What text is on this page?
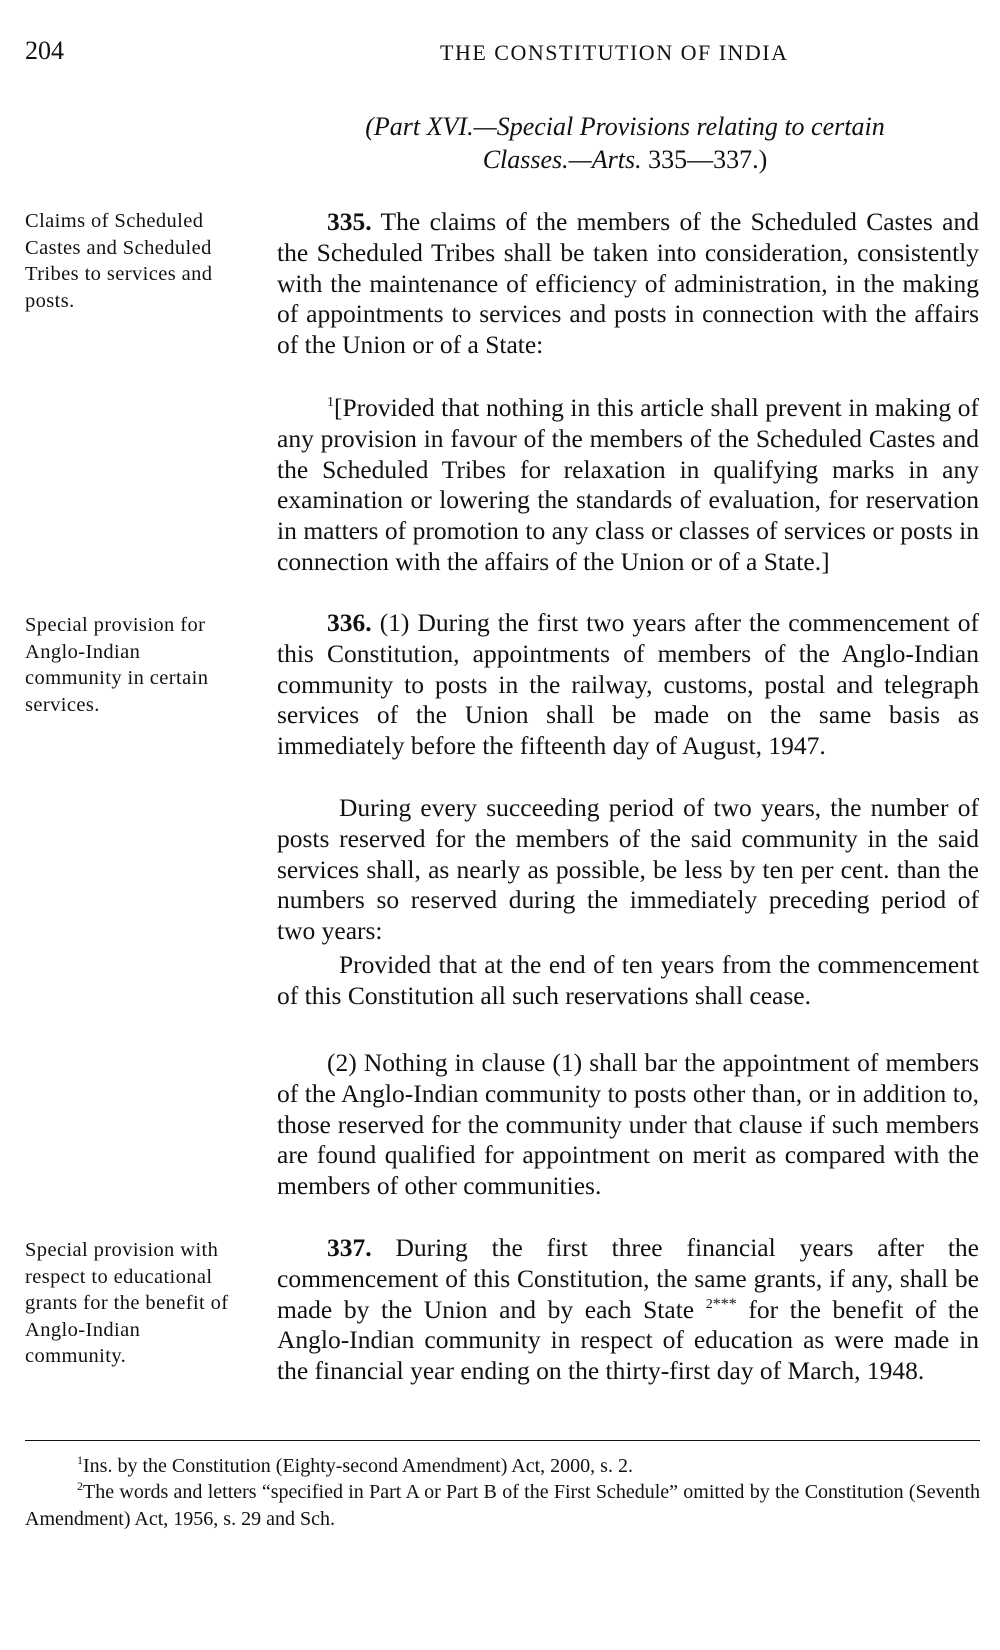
204	THE CONSTITUTION OF INDIA
(Part XVI.—Special Provisions relating to certain
Classes.—Arts. 335—337.)
Claims of Scheduled Castes and Scheduled Tribes to services and posts.
Special provision for Anglo-Indian community in certain services.
Special provision with respect to educational grants for the benefit of Anglo-Indian community.

335. The claims of the members of the Scheduled Castes and the Scheduled Tribes shall be taken into consideration, consistently with the maintenance of efficiency of administration, in the making of appointments to services and posts in connection with the affairs of the Union or of a State:

$^1$[Provided that nothing in this article shall prevent in making of any provision in favour of the members of the Scheduled Castes and the Scheduled Tribes for relaxation in qualifying marks in any examination or lowering the standards of evaluation, for reservation in matters of promotion to any class or classes of services or posts in connection with the affairs of the Union or of a State.]

336. (1) During the first two years after the commencement of this Constitution, appointments of members of the Anglo-Indian community to posts in the railway, customs, postal and telegraph services of the Union shall be made on the same basis as immediately before the fifteenth day of August, 1947.

During every succeeding period of two years, the number of posts reserved for the members of the said community in the said services shall, as nearly as possible, be less by ten per cent. than the numbers so reserved during the immediately preceding period of two years:

Provided that at the end of ten years from the commencement of this Constitution all such reservations shall cease.

(2) Nothing in clause (1) shall bar the appointment of members of the Anglo-Indian community to posts other than, or in addition to, those reserved for the community under that clause if such members are found qualified for appointment on merit as compared with the members of other communities.

337. During the first three financial years after the commencement of this Constitution, the same grants, if any, shall be made by the Union and by each State $^{2***}$ for the benefit of the Anglo-Indian community in respect of education as were made in the financial year ending on the thirty-first day of March, 1948.

$^1$Ins. by the Constitution (Eighty-second Amendment) Act, 2000, s. 2.

$^2$The words and letters “specified in Part A or Part B of the First Schedule” omitted by the Constitution (Seventh Amendment) Act, 1956, s. 29 and Sch.
